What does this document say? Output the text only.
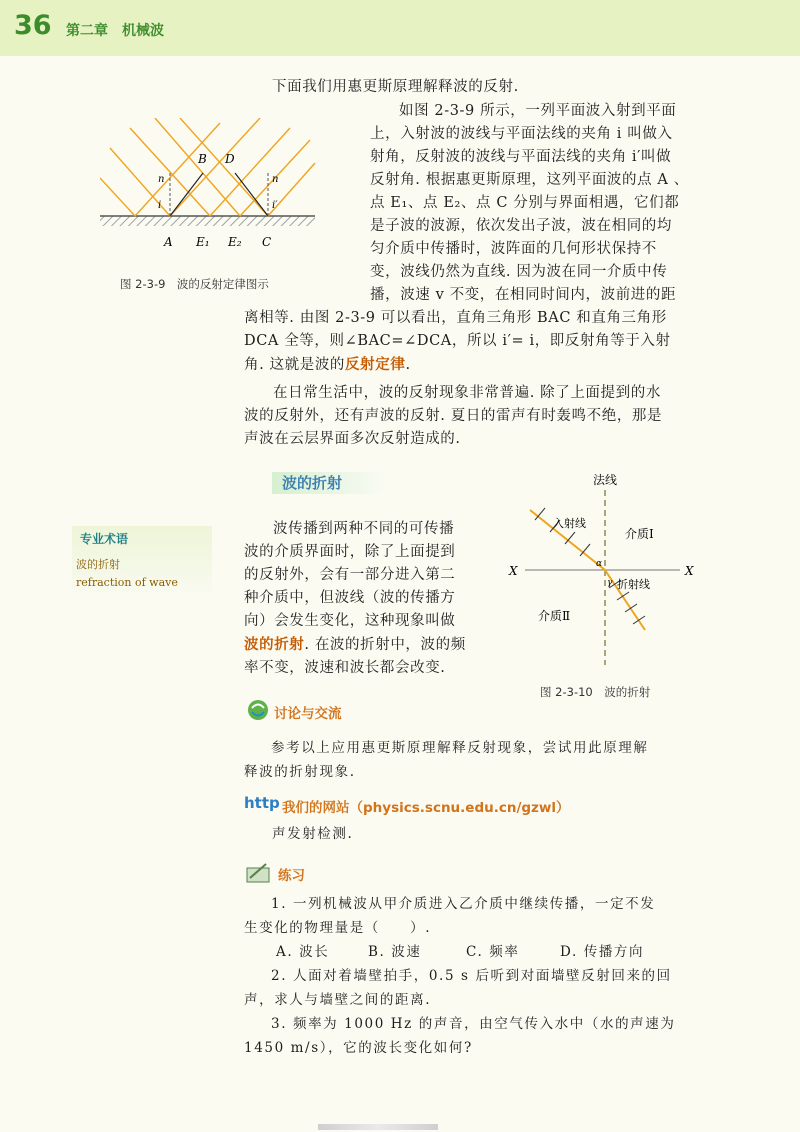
36 第二章　机械波
下面我们用惠更斯原理解释波的反射.
B D
n	n
i	i′
A E₁ E₂ C
图 2-3-9　波的反射定律图示
如图 2-3-9 所示，一列平面波入射到平面
上，入射波的波线与平面法线的夹角 i 叫做入
射角，反射波的波线与平面法线的夹角 i′叫做
反射角. 根据惠更斯原理，这列平面波的点 A 、
点 E₁、点 E₂、点 C 分别与界面相遇，它们都
是子波的波源，依次发出子波，波在相同的均
匀介质中传播时，波阵面的几何形状保持不
变，波线仍然为直线. 因为波在同一介质中传
播，波速 v 不变，在相同时间内，波前进的距
离相等. 由图 2-3-9 可以看出，直角三角形 BAC 和直角三角形
DCA 全等，则∠BAC=∠DCA，所以 i′= i，即反射角等于入射
角. 这就是波的反射定律.
在日常生活中，波的反射现象非常普遍. 除了上面提到的水
波的反射外，还有声波的反射. 夏日的雷声有时轰鸣不绝，那是
声波在云层界面多次反射造成的.
波的折射
专业术语
波的折射
refraction of wave
波传播到两种不同的可传播
波的介质界面时，除了上面提到
的反射外，会有一部分进入第二
种介质中，但波线（波的传播方
向）会发生变化，这种现象叫做
波的折射. 在波的折射中，波的频
率不变，波速和波长都会改变.
法线
X	X
介质Ⅰ
介质Ⅱ
入射线
折射线
α
γ
图 2-3-10　波的折射
讨论与交流

参考以上应用惠更斯原理解释反射现象，尝试用此原理解

释波的折射现象.

http 我们的网站（physics.scnu.edu.cn/gzwl）
声发射检测.
练习

1. 一列机械波从甲介质进入乙介质中继续传播，一定不发

生变化的物理量是（　　）.

A. 波长	B. 波速	C. 频率	D. 传播方向

2. 人面对着墙壁拍手，0.5 s 后听到对面墙壁反射回来的回

声，求人与墙壁之间的距离.

3. 频率为 1000 Hz 的声音，由空气传入水中（水的声速为

1450 m/s），它的波长变化如何?
